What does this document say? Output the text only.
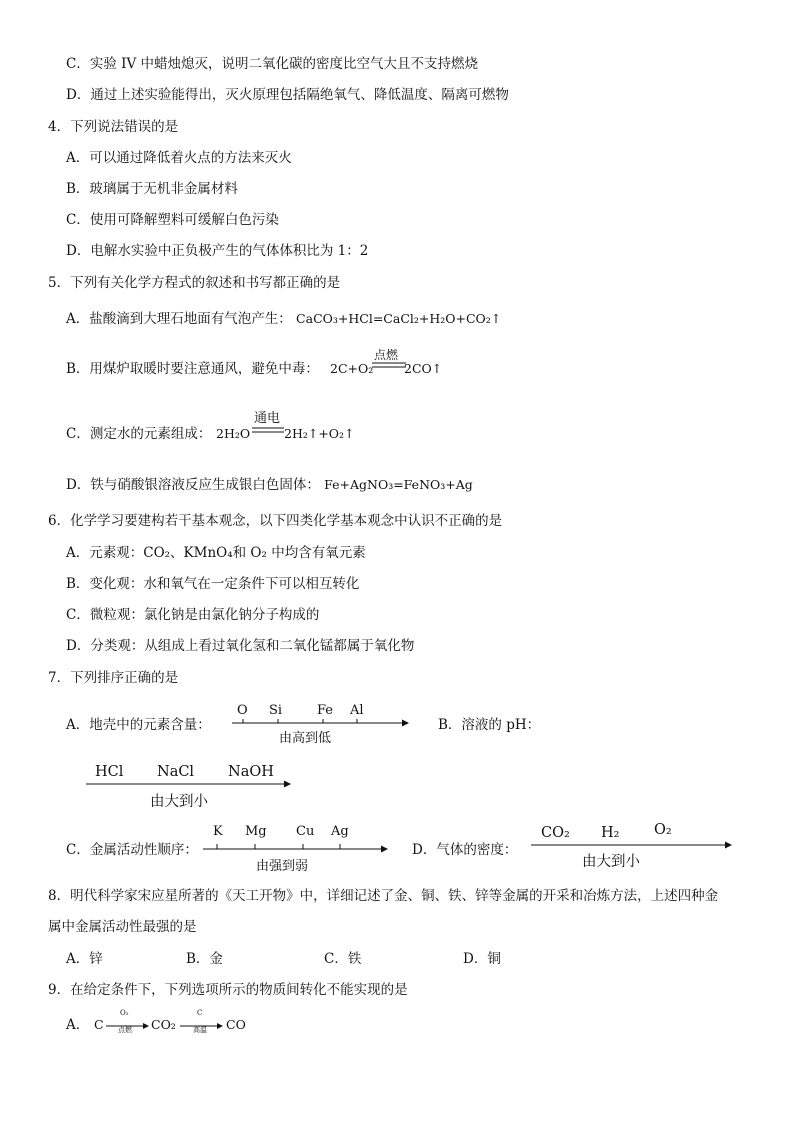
C．实验 IV 中蜡烛熄灭，说明二氧化碳的密度比空气大且不支持燃烧
D．通过上述实验能得出，灭火原理包括隔绝氧气、降低温度、隔离可燃物
4．下列说法错误的是
A．可以通过降低着火点的方法来灭火
B．玻璃属于无机非金属材料
C．使用可降解塑料可缓解白色污染
D．电解水实验中正负极产生的气体体积比为 1：2
5．下列有关化学方程式的叙述和书写都正确的是
A．盐酸滴到大理石地面有气泡产生： CaCO₃+HCl=CaCl₂+H₂O+CO₂↑
B．用煤炉取暖时要注意通风，避免中毒： 2C+O₂
点燃
2CO↑
C．测定水的元素组成： 2H₂O
通电
2H₂↑+O₂↑
D．铁与硝酸银溶液反应生成银白色固体： Fe+AgNO₃=FeNO₃+Ag
6．化学学习要建构若干基本观念，以下四类化学基本观念中认识不正确的是
A．元素观：CO₂、KMnO₄和 O₂ 中均含有氧元素
B．变化观：水和氧气在一定条件下可以相互转化
C．微粒观：氯化钠是由氯化钠分子构成的
D．分类观：从组成上看过氧化氢和二氧化锰都属于氧化物
7．下列排序正确的是
A．地壳中的元素含量：
O Si	Fe Al
由高到低
B．溶液的 pH：
HCl NaCl NaOH
由大到小
C．金属活动性顺序：
K Mg Cu Ag
由强到弱
D．气体的密度：
CO₂ H₂ O₂
由大到小
8．明代科学家宋应星所著的《天工开物》中，详细记述了金、铜、铁、锌等金属的开采和冶炼方法，上述四种金
属中金属活动性最强的是
A．锌	B．金	C．铁	D．铜
9．在给定条件下，下列选项所示的物质间转化不能实现的是
A． C
O₂
点燃 CO₂
C
高温 CO
